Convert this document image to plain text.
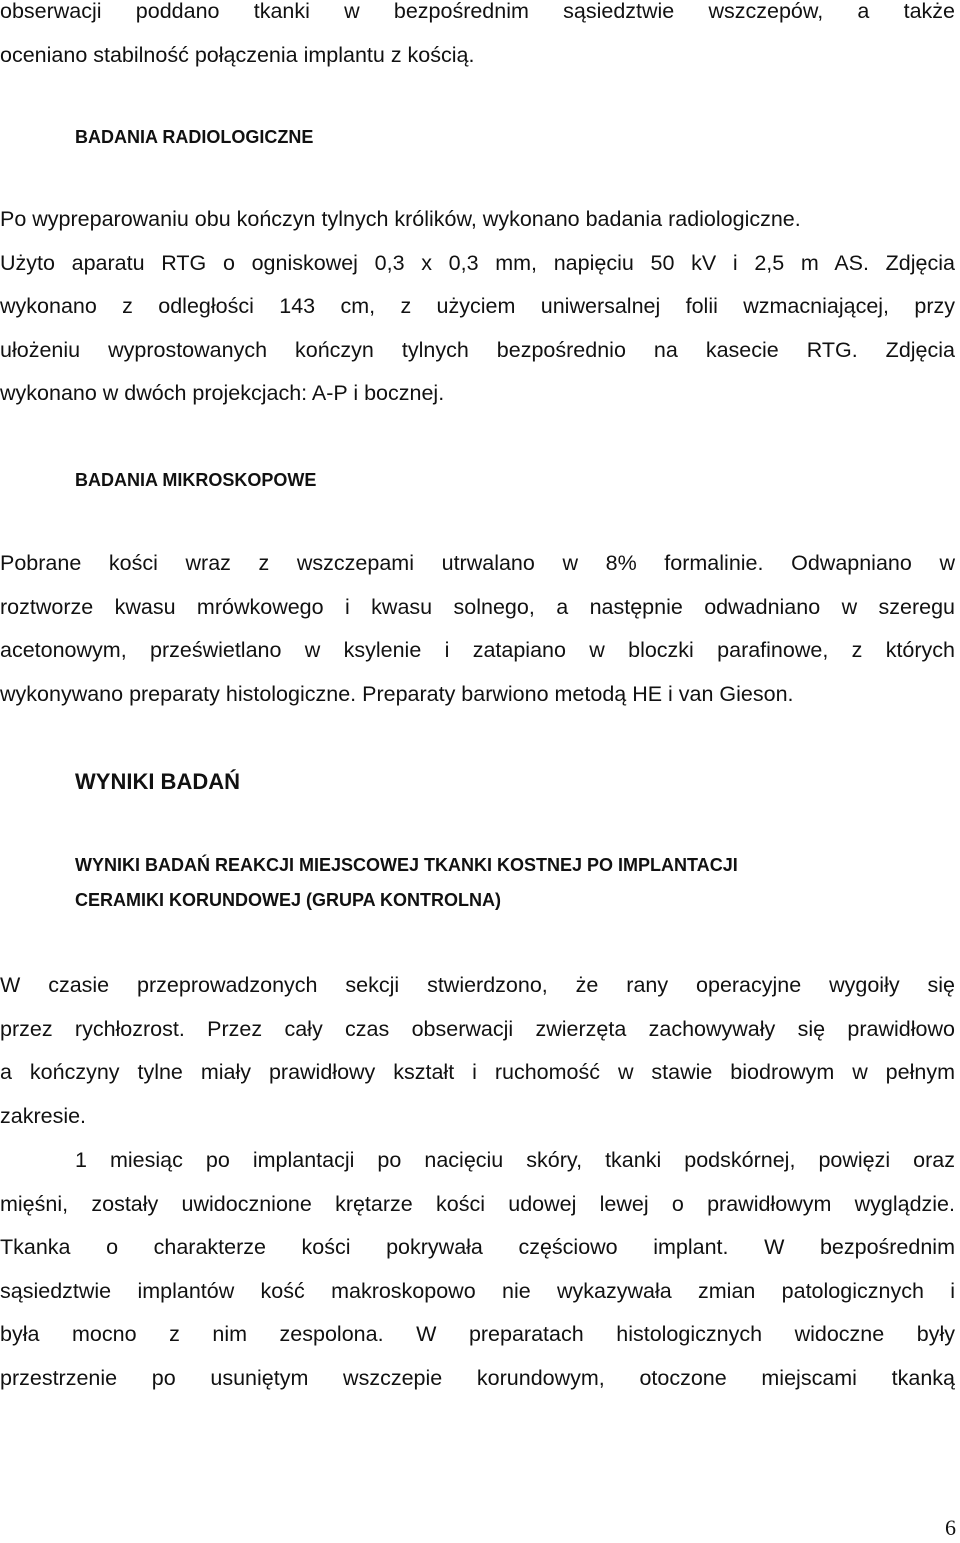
obserwacji poddano tkanki w bezpośrednim sąsiedztwie wszczepów, a także
oceniano stabilność połączenia implantu z kością.

BADANIA RADIOLOGICZNE

Po wypreparowaniu obu kończyn tylnych królików, wykonano badania radiologiczne.
Użyto aparatu RTG o ogniskowej 0,3 x 0,3 mm, napięciu 50 kV i 2,5 m AS. Zdjęcia
wykonano z odległości 143 cm, z użyciem uniwersalnej folii wzmacniającej, przy
ułożeniu wyprostowanych kończyn tylnych bezpośrednio na kasecie RTG. Zdjęcia
wykonano w dwóch projekcjach: A-P i bocznej.

BADANIA MIKROSKOPOWE

Pobrane kości wraz z wszczepami utrwalano w 8% formalinie. Odwapniano w
roztworze kwasu mrówkowego i kwasu solnego, a następnie odwadniano w szeregu
acetonowym, prześwietlano w ksylenie i zatapiano w bloczki parafinowe, z których
wykonywano preparaty histologiczne. Preparaty barwiono metodą HE i van Gieson.

WYNIKI BADAŃ
WYNIKI BADAŃ REAKCJI MIEJSCOWEJ TKANKI KOSTNEJ PO IMPLANTACJI
CERAMIKI KORUNDOWEJ (GRUPA KONTROLNA)

W czasie przeprowadzonych sekcji stwierdzono, że rany operacyjne wygoiły się
przez rychłozrost. Przez cały czas obserwacji zwierzęta zachowywały się prawidłowo
a kończyny tylne miały prawidłowy kształt i ruchomość w stawie biodrowym w pełnym
zakresie.

1 miesiąc po implantacji po nacięciu skóry, tkanki podskórnej, powięzi oraz
mięśni, zostały uwidocznione krętarze kości udowej lewej o prawidłowym wyglądzie.
Tkanka o charakterze kości pokrywała częściowo implant. W bezpośrednim
sąsiedztwie implantów kość makroskopowo nie wykazywała zmian patologicznych i
była mocno z nim zespolona. W preparatach histologicznych widoczne były
przestrzenie po usuniętym wszczepie korundowym, otoczone miejscami tkanką

6
